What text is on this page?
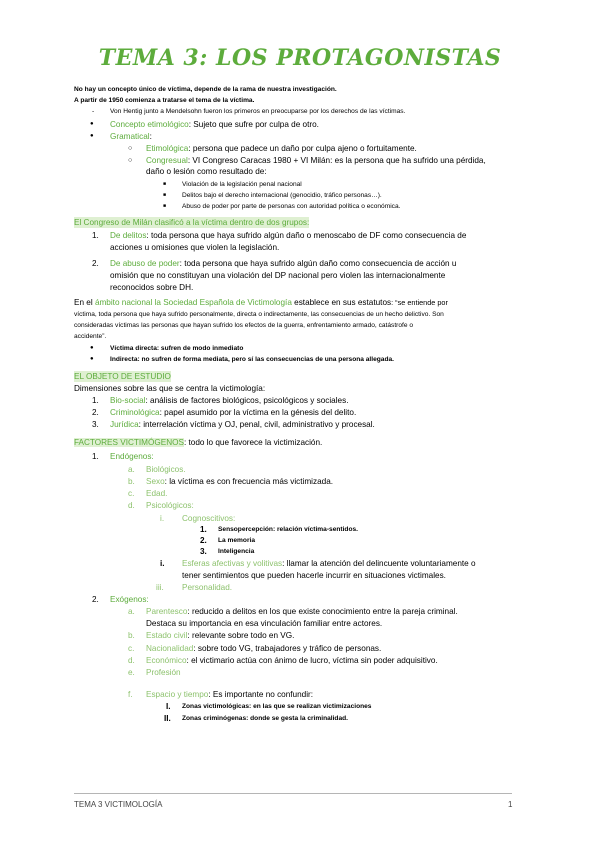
TEMA 3: LOS PROTAGONISTAS
No hay un concepto único de víctima, depende de la rama de nuestra investigación.
A partir de 1950 comienza a tratarse el tema de la víctima.
- Von Hentig junto a Mendelsohn fueron los primeros en preocuparse por los derechos de las víctimas.
● Concepto etimológico: Sujeto que sufre por culpa de otro.
● Gramatical:
○ Etimológica: persona que padece un daño por culpa ajeno o fortuitamente.
○ Congresual: VI Congreso Caracas 1980 + VI Milán: es la persona que ha sufrido una pérdida,
daño o lesión como resultado de:
■ Violación de la legislación penal nacional
■ Delitos bajo el derecho internacional (genocidio, tráfico personas…).
■ Abuso de poder por parte de personas con autoridad política o económica.
El Congreso de Milán clasificó a la víctima dentro de dos grupos:
1. De delitos: toda persona que haya sufrido algún daño o menoscabo de DF como consecuencia de
acciones u omisiones que violen la legislación.
2. De abuso de poder: toda persona que haya sufrido algún daño como consecuencia de acción u
omisión que no constituyan una violación del DP nacional pero violen las internacionalmente
reconocidos sobre DH.
En el ámbito nacional la Sociedad Española de Victimología establece en sus estatutos: “se entiende por
víctima, toda persona que haya sufrido personalmente, directa o indirectamente, las consecuencias de un hecho delictivo. Son
consideradas víctimas las personas que hayan sufrido los efectos de la guerra, enfrentamiento armado, catástrofe o
accidente”.
● Víctima directa: sufren de modo inmediato
● Indirecta: no sufren de forma mediata, pero sí las consecuencias de una persona allegada.
EL OBJETO DE ESTUDIO
Dimensiones sobre las que se centra la victimología:
1. Bio-social: análisis de factores biológicos, psicológicos y sociales.
2. Criminológica: papel asumido por la víctima en la génesis del delito.
3. Jurídica: interrelación víctima y OJ, penal, civil, administrativo y procesal.
FACTORES VICTIMÓGENOS: todo lo que favorece la victimización.
1. Endógenos:
a. Biológicos.
b. Sexo: la víctima es con frecuencia más victimizada.
c. Edad.
d. Psicológicos:
i. Cognoscitivos:
1. Sensopercepción: relación víctima-sentidos.
2. La memoria
3. Inteligencia
i. Esferas afectivas y volitivas: llamar la atención del delincuente voluntariamente o
tener sentimientos que pueden hacerle incurrir en situaciones victimales.
iii. Personalidad.
2. Exógenos:
a. Parentesco: reducido a delitos en los que existe conocimiento entre la pareja criminal.
Destaca su importancia en esa vinculación familiar entre actores.
b. Estado civil: relevante sobre todo en VG.
c. Nacionalidad: sobre todo VG, trabajadores y tráfico de personas.
d. Económico: el victimario actúa con ánimo de lucro, víctima sin poder adquisitivo.
e. Profesión
f. Espacio y tiempo: Es importante no confundir:
I. Zonas victimológicas: en las que se realizan victimizaciones
II. Zonas criminógenas: donde se gesta la criminalidad.
TEMA 3 VICTIMOLOGÍA	1
